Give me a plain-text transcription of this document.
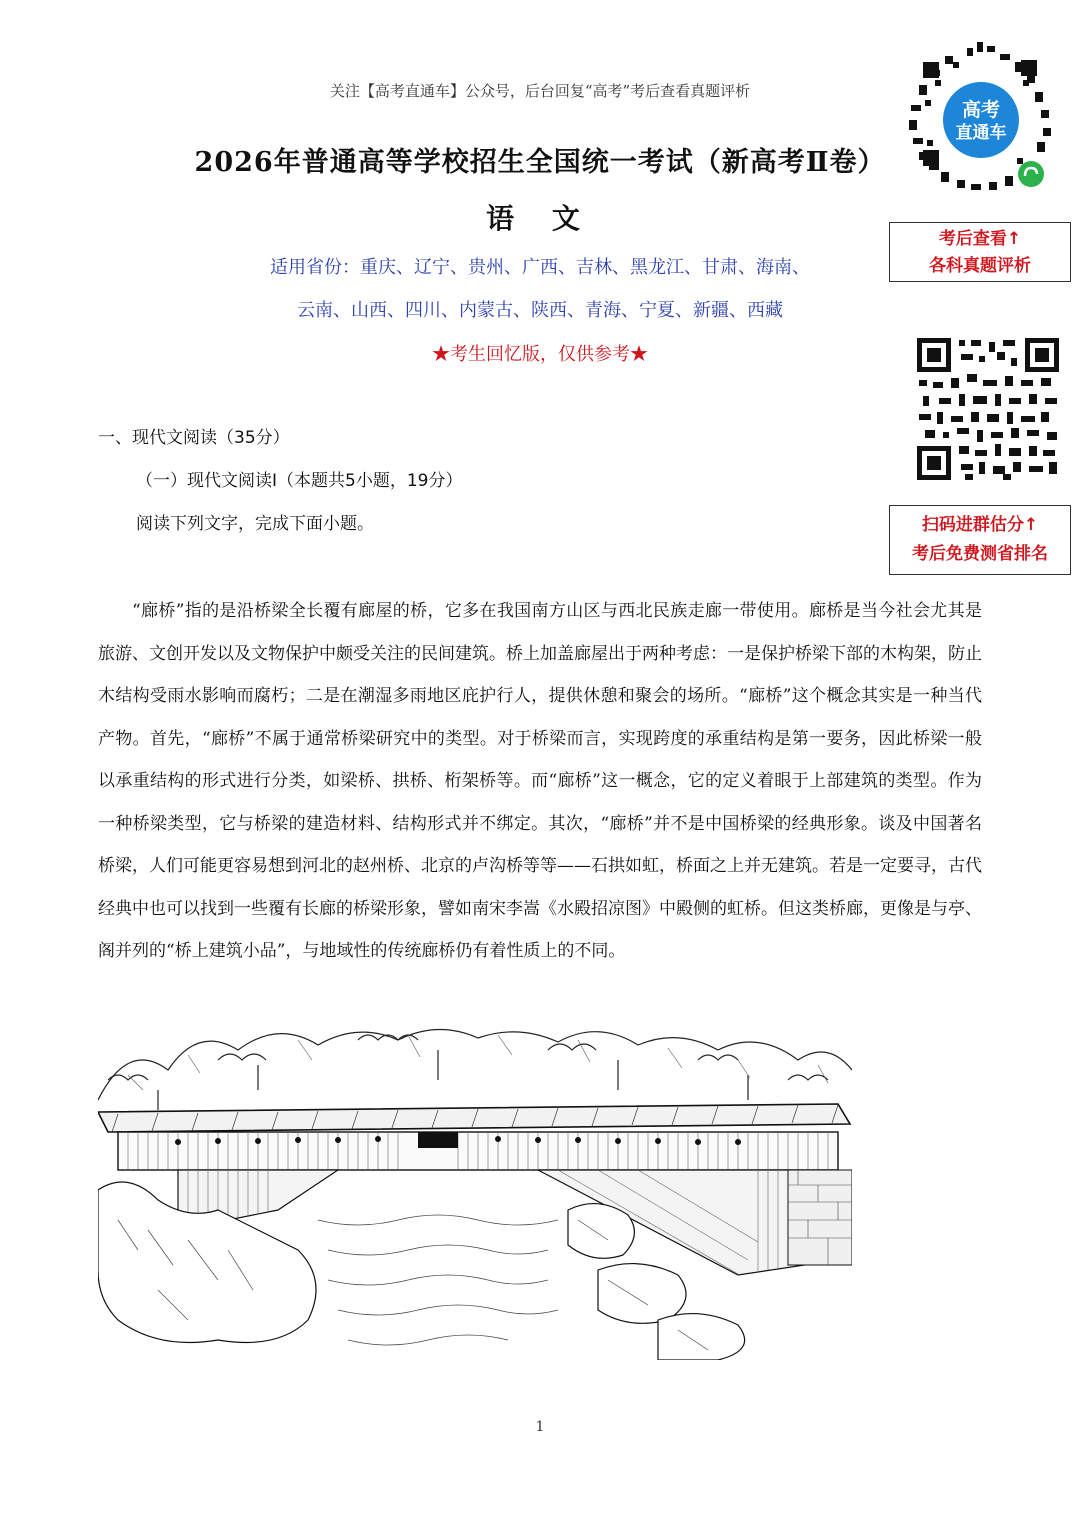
关注【高考直通车】公众号，后台回复“高考”考后查看真题评析
2026年普通高等学校招生全国统一考试（新高考Ⅱ卷）
语 文
适用省份：重庆、辽宁、贵州、广西、吉林、黑龙江、甘肃、海南、
云南、山西、四川、内蒙古、陕西、青海、宁夏、新疆、西藏
★考生回忆版，仅供参考★
高考
直通车
考后查看↑
各科真题评析
扫码进群估分↑
考后免费测省排名
一、现代文阅读（35分）
（一）现代文阅读Ⅰ（本题共5小题，19分）
阅读下列文字，完成下面小题。

“廊桥”指的是沿桥梁全长覆有廊屋的桥，它多在我国南方山区与西北民族走廊一带使用。廊桥是当今社会尤其是旅游、文创开发以及文物保护中颇受关注的民间建筑。桥上加盖廊屋出于两种考虑：一是保护桥梁下部的木构架，防止木结构受雨水影响而腐朽；二是在潮湿多雨地区庇护行人，提供休憩和聚会的场所。“廊桥”这个概念其实是一种当代产物。首先，“廊桥”不属于通常桥梁研究中的类型。对于桥梁而言，实现跨度的承重结构是第一要务，因此桥梁一般以承重结构的形式进行分类，如梁桥、拱桥、桁架桥等。而“廊桥”这一概念，它的定义着眼于上部建筑的类型。作为一种桥梁类型，它与桥梁的建造材料、结构形式并不绑定。其次，“廊桥”并不是中国桥梁的经典形象。谈及中国著名桥梁，人们可能更容易想到河北的赵州桥、北京的卢沟桥等等——石拱如虹，桥面之上并无建筑。若是一定要寻，古代经典中也可以找到一些覆有长廊的桥梁形象，譬如南宋李嵩《水殿招凉图》中殿侧的虹桥。但这类桥廊，更像是与亭、阁并列的“桥上建筑小品”，与地域性的传统廊桥仍有着性质上的不同。

1
